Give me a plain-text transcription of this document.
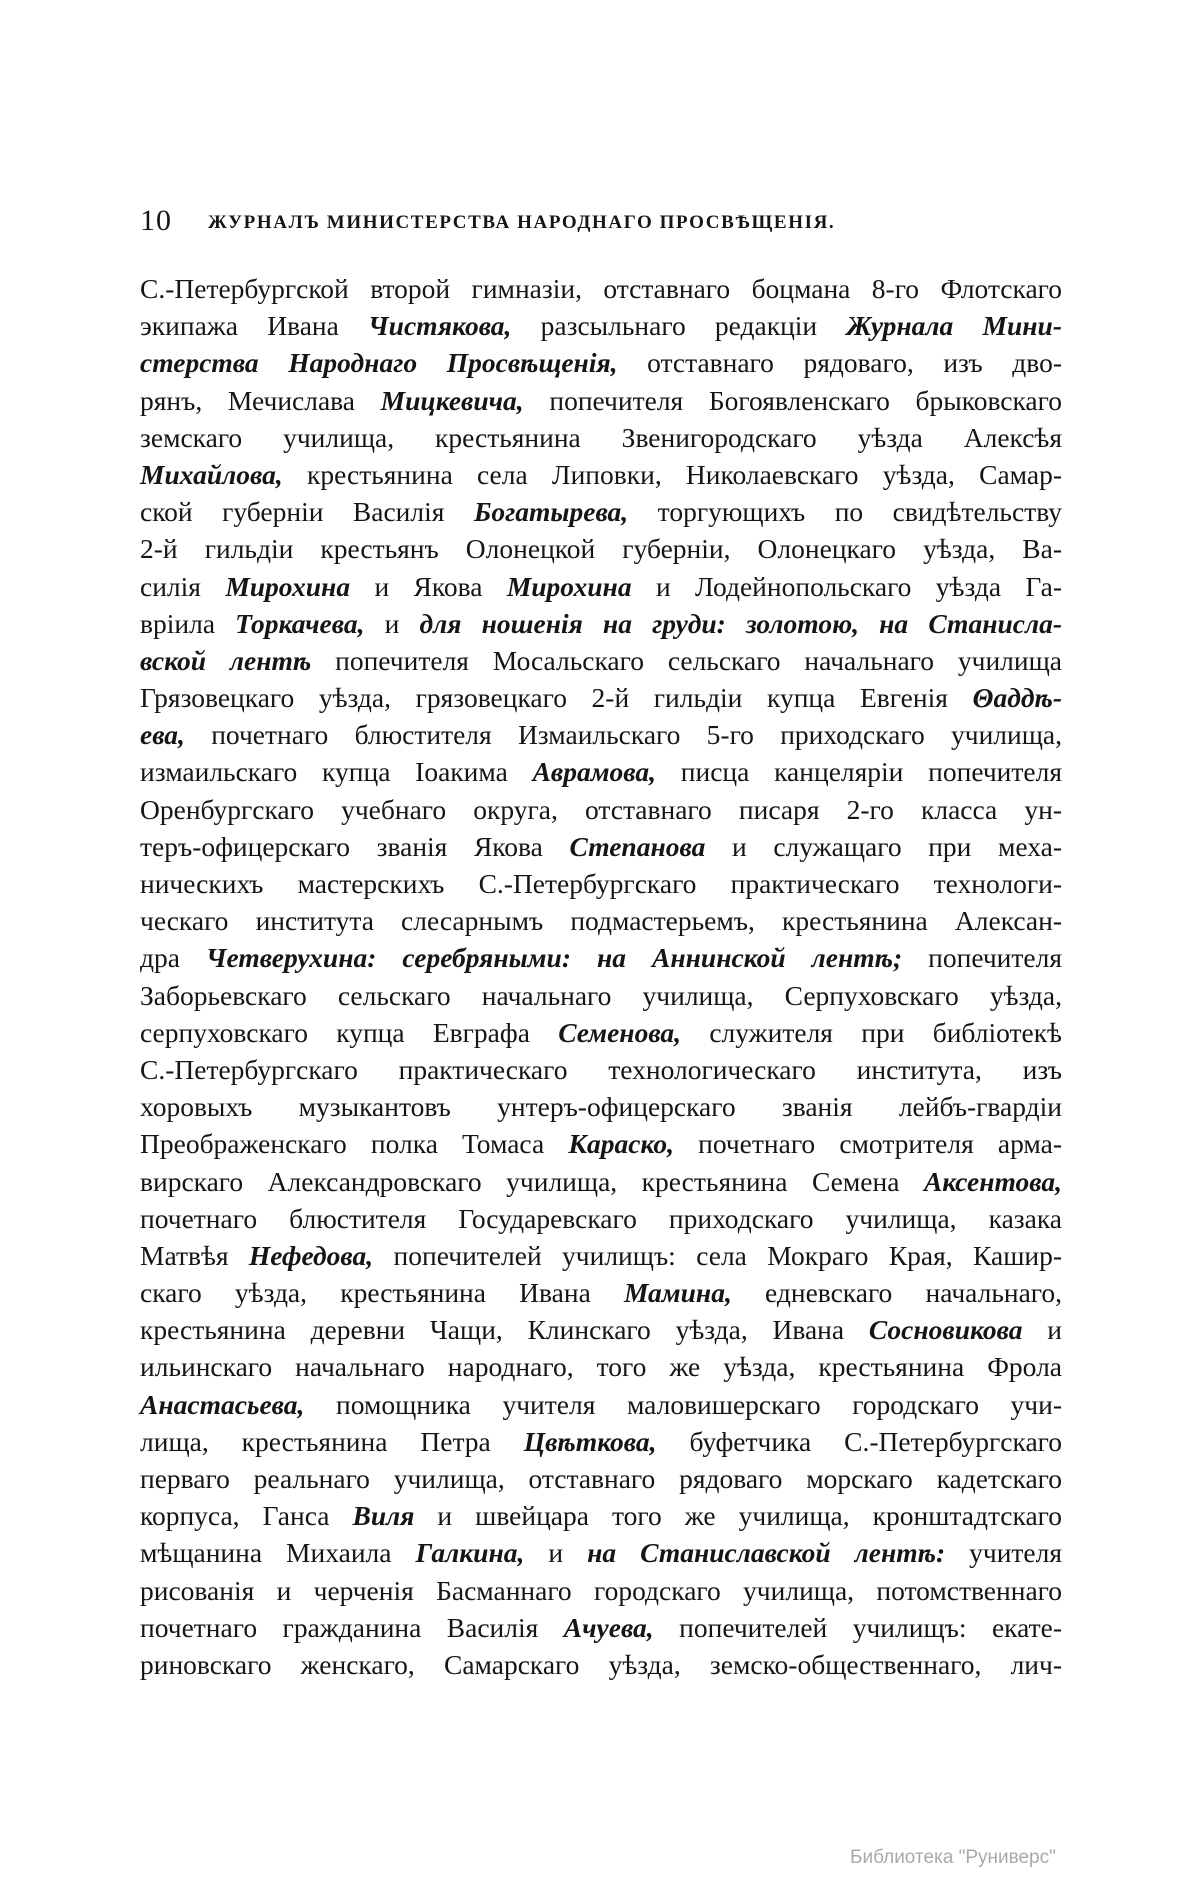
10 ЖУРНАЛЪ МИНИСТЕРСТВА НАРОДНАГО ПРОСВѢЩЕНІЯ.
С.-Петербургской второй гимназіи, отставнаго боцмана 8-го Флотскаго
экипажа Ивана Чистякова, разсыльнаго редакціи Журнала Мини-
стерства Народнаго Просвѣщенія, отставнаго рядоваго, изъ дво-
рянъ, Мечислава Мицкевича, попечителя Богоявленскаго брыковскаго
земскаго училища, крестьянина Звенигородскаго уѣзда Алексѣя
Михайлова, крестьянина села Липовки, Николаевскаго уѣзда, Самар-
ской губерніи Василія Богатырева, торгующихъ по свидѣтельству
2-й гильдіи крестьянъ Олонецкой губерніи, Олонецкаго уѣзда, Ва-
силія Мирохина и Якова Мирохина и Лодейнопольскаго уѣзда Га-
врiила Торкачева, и для ношенія на груди: золотою, на Станисла-
вской лентѣ попечителя Мосальскаго сельскаго начальнаго училища
Грязовецкаго уѣзда, грязовецкаго 2-й гильдіи купца Евгенія Θаддѣ-
ева, почетнаго блюстителя Измаильскаго 5-го приходскаго училища,
измаильскаго купца Іоакима Аврамова, писца канцеляріи попечителя
Оренбургскаго учебнаго округа, отставнаго писаря 2-го класса ун-
теръ-офицерскаго званія Якова Степанова и служащаго при меха-
ническихъ мастерскихъ С.-Петербургскаго практическаго технологи-
ческаго института слесарнымъ подмастерьемъ, крестьянина Алексан-
дра Четверухина: серебряными: на Аннинской лентѣ; попечителя
Заборьевскаго сельскаго начальнаго училища, Серпуховскаго уѣзда,
серпуховскаго купца Евграфа Семенова, служителя при библіотекѣ
С.-Петербургскаго практическаго технологическаго института, изъ
хоровыхъ музыкантовъ унтеръ-офицерскаго званія лейбъ-гвардіи
Преображенскаго полка Томаса Караско, почетнаго смотрителя арма-
вирскаго Александровскаго училища, крестьянина Семена Аксентова,
почетнаго блюстителя Государевскаго приходскаго училища, казака
Матвѣя Нефедова, попечителей училищъ: села Мокраго Края, Кашир-
скаго уѣзда, крестьянина Ивана Мамина, едневскаго начальнаго,
крестьянина деревни Чащи, Клинскаго уѣзда, Ивана Сосновикова и
ильинскаго начальнаго народнаго, того же уѣзда, крестьянина Фрола
Анастасьева, помощника учителя маловишерскаго городскаго учи-
лища, крестьянина Петра Цвѣткова, буфетчика С.-Петербургскаго
перваго реальнаго училища, отставнаго рядоваго морскаго кадетскаго
корпуса, Ганса Виля и швейцара того же училища, кронштадтскаго
мѣщанина Михаила Галкина, и на Станиславской лентѣ: учителя
рисованія и черченія Басманнаго городскаго училища, потомственнаго
почетнаго гражданина Василія Ачуева, попечителей училищъ: екате-
риновскаго женскаго, Самарскаго уѣзда, земско-общественнаго, лич-
Библиотека "Руниверс"
